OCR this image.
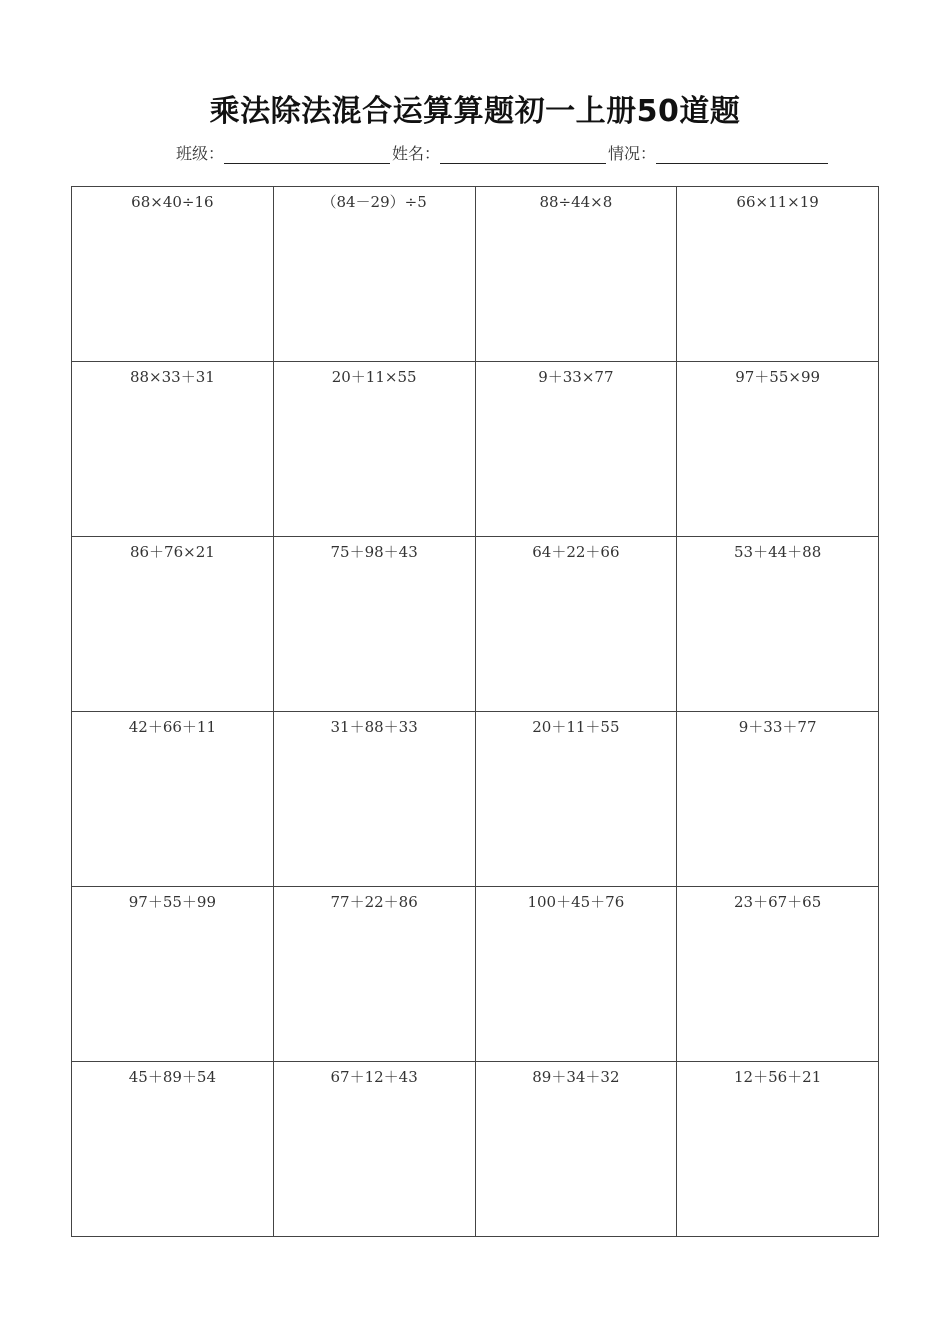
乘法除法混合运算算题初一上册50道题
班级：	姓名：	情况：
68×40÷16	（84－29）÷5	88÷44×8	66×11×19
88×33＋31	20＋11×55	9＋33×77	97＋55×99
86＋76×21	75＋98＋43	64＋22＋66	53＋44＋88
42＋66＋11	31＋88＋33	20＋11＋55	9＋33＋77
97＋55＋99	77＋22＋86	100＋45＋76	23＋67＋65
45＋89＋54	67＋12＋43	89＋34＋32	12＋56＋21
